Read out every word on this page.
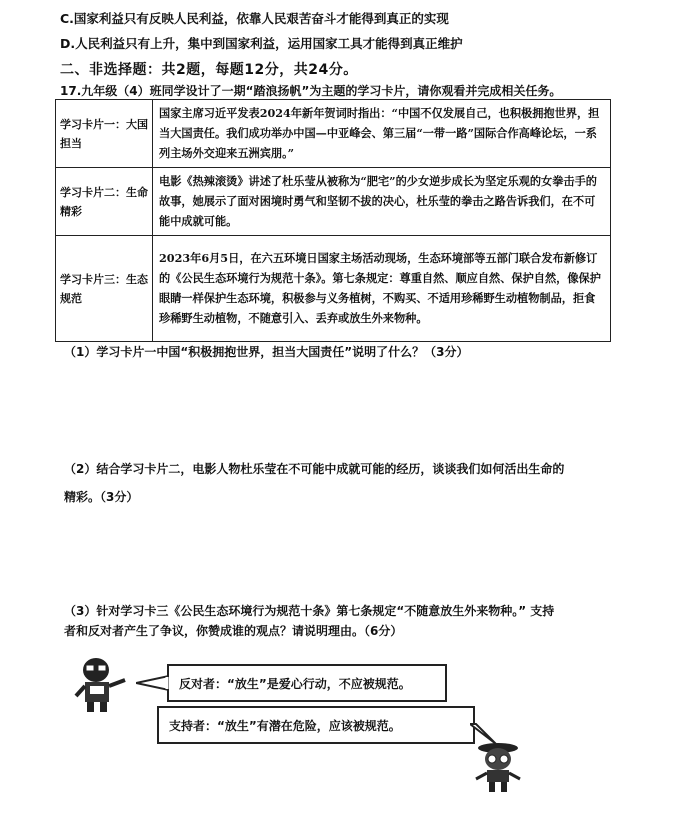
C.国家利益只有反映人民利益，依靠人民艰苦奋斗才能得到真正的实现
D.人民利益只有上升，集中到国家利益，运用国家工具才能得到真正维护
二、非选择题：共2题，每题12分，共24分。
17.九年级（4）班同学设计了一期“踏浪扬帆”为主题的学习卡片，请你观看并完成相关任务。
学习卡片一：大国担当	国家主席习近平发表2024年新年贺词时指出：“中国不仅发展自己，也积极拥抱世界，担当大国责任。我们成功举办中国—中亚峰会、第三届“一带一路”国际合作高峰论坛，一系列主场外交迎来五洲宾朋。”
学习卡片二：生命精彩	电影《热辣滚烫》讲述了杜乐莹从被称为“肥宅”的少女逆步成长为坚定乐观的女拳击手的故事，她展示了面对困境时勇气和坚韧不拔的决心，杜乐莹的拳击之路告诉我们，在不可能中成就可能。
学习卡片三：生态规范	2023年6月5日，在六五环境日国家主场活动现场，生态环境部等五部门联合发布新修订的《公民生态环境行为规范十条》。第七条规定：尊重自然、顺应自然、保护自然，像保护眼睛一样保护生态环境，积极参与义务植树，不购买、不适用珍稀野生动植物制品，拒食珍稀野生动植物，不随意引入、丢弃或放生外来物种。
（1）学习卡片一中国“积极拥抱世界，担当大国责任”说明了什么？（3分）
（2）结合学习卡片二，电影人物杜乐莹在不可能中成就可能的经历，谈谈我们如何活出生命的
精彩。（3分）
（3）针对学习卡三《公民生态环境行为规范十条》第七条规定“不随意放生外来物种。” 支持
者和反对者产生了争议，你赞成谁的观点？请说明理由。（6分）
反对者：“放生”是爱心行动，不应被规范。
支持者：“放生”有潜在危险，应该被规范。
